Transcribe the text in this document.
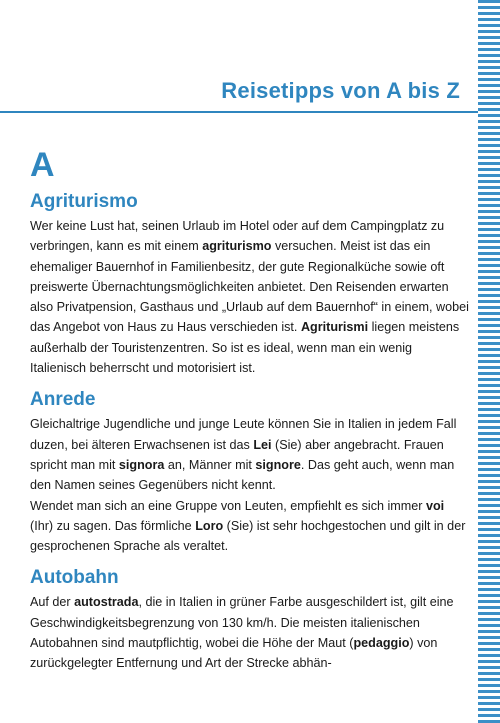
Reisetipps von A bis Z
A
Agriturismo

Wer keine Lust hat, seinen Urlaub im Hotel oder auf dem Campingplatz zu verbringen, kann es mit einem agriturismo versuchen. Meist ist das ein ehemaliger Bauernhof in Familienbesitz, der gute Regionalküche sowie oft preiswerte Übernachtungsmöglichkeiten anbietet. Den Reisenden erwarten also Privatpension, Gasthaus und „Urlaub auf dem Bauernhof“ in einem, wobei das Angebot von Haus zu Haus verschieden ist. Agriturismi liegen meistens außerhalb der Touristenzentren. So ist es ideal, wenn man ein wenig Italienisch beherrscht und motorisiert ist.

Anrede

Gleichaltrige Jugendliche und junge Leute können Sie in Italien in jedem Fall duzen, bei älteren Erwachsenen ist das Lei (Sie) aber angebracht. Frauen spricht man mit signora an, Männer mit signore. Das geht auch, wenn man den Namen seines Gegenübers nicht kennt.

Wendet man sich an eine Gruppe von Leuten, empfiehlt es sich immer voi (Ihr) zu sagen. Das förmliche Loro (Sie) ist sehr hochgestochen und gilt in der gesprochenen Sprache als veraltet.

Autobahn

Auf der autostrada, die in Italien in grüner Farbe ausgeschildert ist, gilt eine Geschwindigkeitsbegrenzung von 130 km/h. Die meisten italienischen Autobahnen sind mautpflichtig, wobei die Höhe der Maut (pedaggio) von zurückgelegter Entfernung und Art der Strecke abhän-
